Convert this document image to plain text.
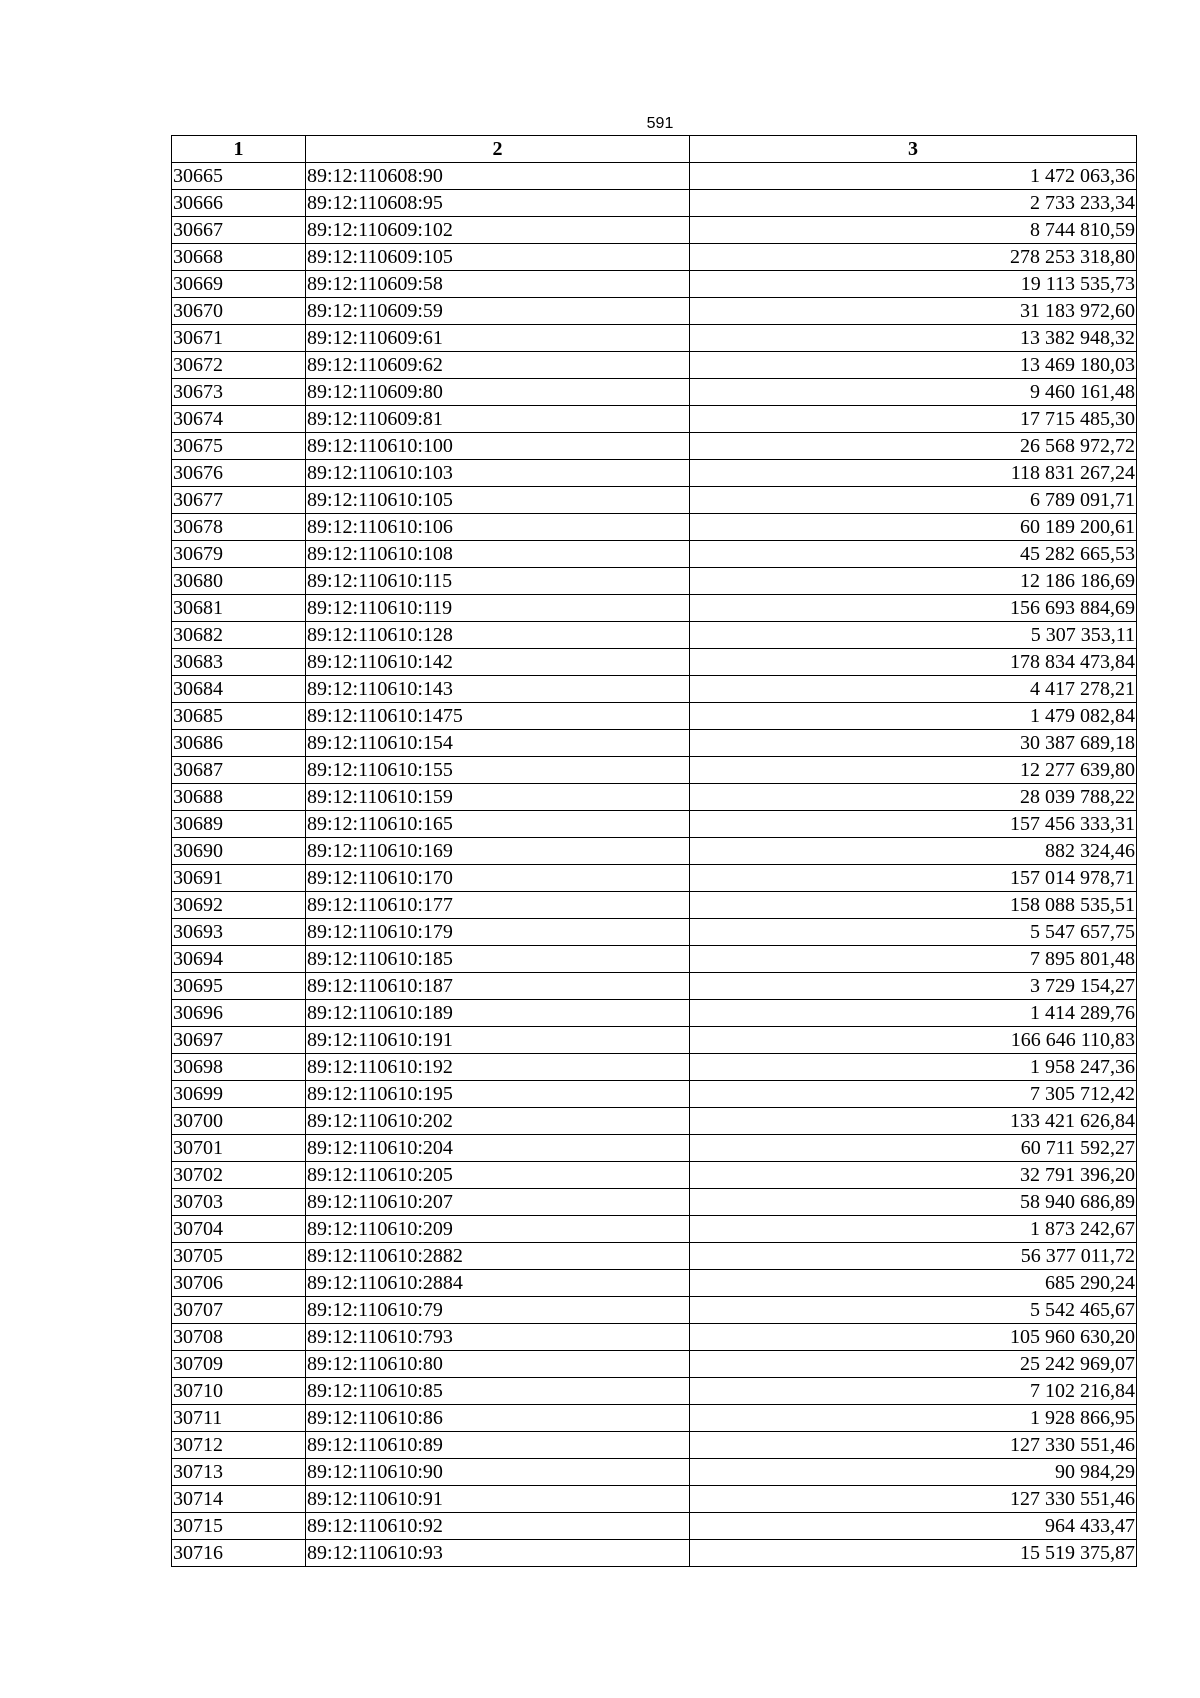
591
1	2	3
30665	89:12:110608:90	1 472 063,36
30666	89:12:110608:95	2 733 233,34
30667	89:12:110609:102	8 744 810,59
30668	89:12:110609:105	278 253 318,80
30669	89:12:110609:58	19 113 535,73
30670	89:12:110609:59	31 183 972,60
30671	89:12:110609:61	13 382 948,32
30672	89:12:110609:62	13 469 180,03
30673	89:12:110609:80	9 460 161,48
30674	89:12:110609:81	17 715 485,30
30675	89:12:110610:100	26 568 972,72
30676	89:12:110610:103	118 831 267,24
30677	89:12:110610:105	6 789 091,71
30678	89:12:110610:106	60 189 200,61
30679	89:12:110610:108	45 282 665,53
30680	89:12:110610:115	12 186 186,69
30681	89:12:110610:119	156 693 884,69
30682	89:12:110610:128	5 307 353,11
30683	89:12:110610:142	178 834 473,84
30684	89:12:110610:143	4 417 278,21
30685	89:12:110610:1475	1 479 082,84
30686	89:12:110610:154	30 387 689,18
30687	89:12:110610:155	12 277 639,80
30688	89:12:110610:159	28 039 788,22
30689	89:12:110610:165	157 456 333,31
30690	89:12:110610:169	882 324,46
30691	89:12:110610:170	157 014 978,71
30692	89:12:110610:177	158 088 535,51
30693	89:12:110610:179	5 547 657,75
30694	89:12:110610:185	7 895 801,48
30695	89:12:110610:187	3 729 154,27
30696	89:12:110610:189	1 414 289,76
30697	89:12:110610:191	166 646 110,83
30698	89:12:110610:192	1 958 247,36
30699	89:12:110610:195	7 305 712,42
30700	89:12:110610:202	133 421 626,84
30701	89:12:110610:204	60 711 592,27
30702	89:12:110610:205	32 791 396,20
30703	89:12:110610:207	58 940 686,89
30704	89:12:110610:209	1 873 242,67
30705	89:12:110610:2882	56 377 011,72
30706	89:12:110610:2884	685 290,24
30707	89:12:110610:79	5 542 465,67
30708	89:12:110610:793	105 960 630,20
30709	89:12:110610:80	25 242 969,07
30710	89:12:110610:85	7 102 216,84
30711	89:12:110610:86	1 928 866,95
30712	89:12:110610:89	127 330 551,46
30713	89:12:110610:90	90 984,29
30714	89:12:110610:91	127 330 551,46
30715	89:12:110610:92	964 433,47
30716	89:12:110610:93	15 519 375,87
